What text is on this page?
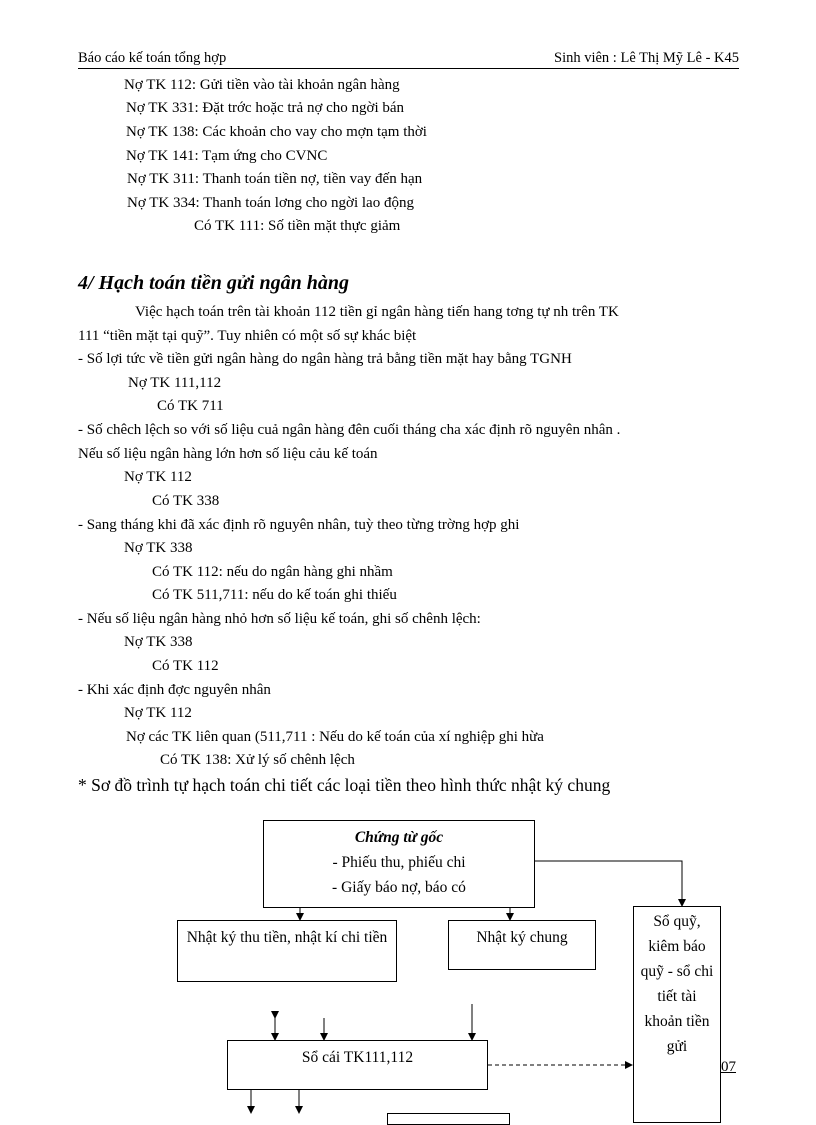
Báo cáo kế toán tổng hợp	Sinh viên : Lê Thị Mỹ Lê - K45
Nợ TK 112: Gửi tiền vào tài khoản ngân hàng
Nợ TK 331: Đặt trớc hoặc trả nợ cho ngời bán
Nợ TK 138: Các khoản cho vay cho mợn tạm thời
Nợ TK 141: Tạm ứng cho CVNC
Nợ TK 311: Thanh toán tiền nợ, tiền vay đến hạn
Nợ TK 334: Thanh toán lơng cho ngời lao động
Có TK 111: Số tiền mặt thực giảm
4/ Hạch toán tiền gửi ngân hàng
Việc hạch toán trên tài khoản 112 tiền gỉ ngân hàng tiến hang tơng tự nh trên TK
111 “tiền mặt tại quỹ”. Tuy nhiên có một số sự khác biệt
- Số lợi tức về tiền gửi ngân hàng do ngân hàng trả bằng tiền mặt hay bằng TGNH
Nợ TK 111,112
Có TK 711
- Số chêch lệch so với số liệu cuả ngân hàng đên cuối tháng cha xác định rõ nguyên nhân .
Nếu số liệu ngân hàng lớn hơn số liệu cảu kế toán
Nợ TK 112
Có TK 338
- Sang tháng khi đã xác định rõ nguyên nhân, tuỳ theo từng trờng hợp ghi
Nợ TK 338
Có TK 112: nếu do ngân hàng ghi nhầm
Có TK 511,711: nếu do kế toán ghi thiếu
- Nếu số liệu ngân hàng nhỏ hơn số liệu kế toán, ghi số chênh lệch:
Nợ TK 338
Có TK 112
- Khi xác định đợc nguyên nhân
Nợ TK 112
Nợ các TK liên quan (511,711 : Nếu do kế toán của xí nghiệp ghi hừa
Có TK 138: Xử lý số chênh lệch
* Sơ đồ trình tự hạch toán chi tiết các loại tiền theo hình thức nhật ký chung
Chứng từ gốc
- Phiếu thu, phiếu chi
- Giấy báo nợ, báo có
Nhật ký thu tiền, nhật kí chi tiền	Nhật ký chung
Sổ quỹ, kiêm báo quỹ - sổ chi tiết tài khoản tiền gửi
Sổ cái TK111,112
07
